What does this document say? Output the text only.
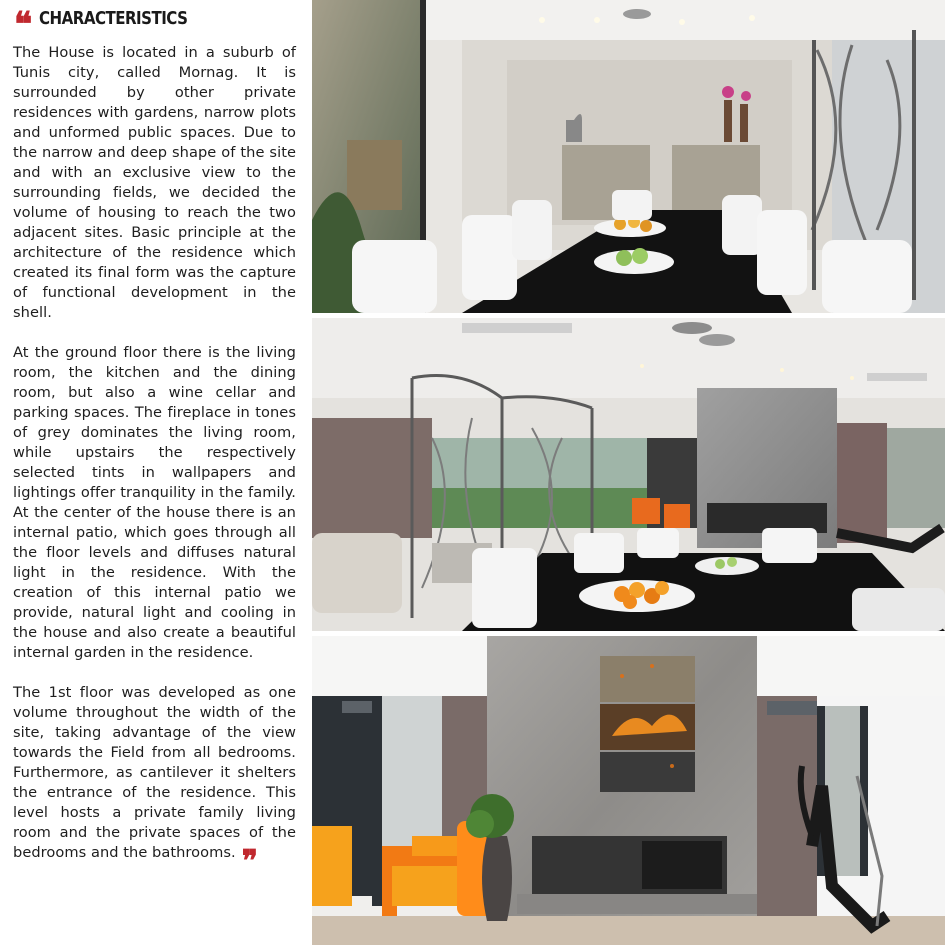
❝ CHARACTERISTICS

The House is located in a suburb of Tunis city, called Mornag. It is surrounded by other private residences with gardens, narrow plots and unformed public spaces. Due to the narrow and deep shape of the site and with an exclusive view to the surrounding fields, we decided the volume of housing to reach the two adjacent sites. Basic principle at the architecture of the residence which created its final form was the capture of functional development in the shell.

At the ground floor there is the living room, the kitchen and the dining room, but also a wine cellar and parking spaces. The fireplace in tones of grey dominates the living room, while upstairs the respectively selected tints in wallpapers and lightings offer tranquility in the family. At the center of the house there is an internal patio, which goes through all the floor levels and diffuses natural light in the residence. With the creation of this internal patio we provide, natural light and cooling in the house and also create a beautiful internal garden in the residence.

The 1st floor was developed as one volume throughout the width of the site, taking advantage of the view towards the Field from all bedrooms. Furthermore, as cantilever it shelters the entrance of the residence. This level hosts a private family living room and the private spaces of the bedrooms and the bathrooms. ❞
